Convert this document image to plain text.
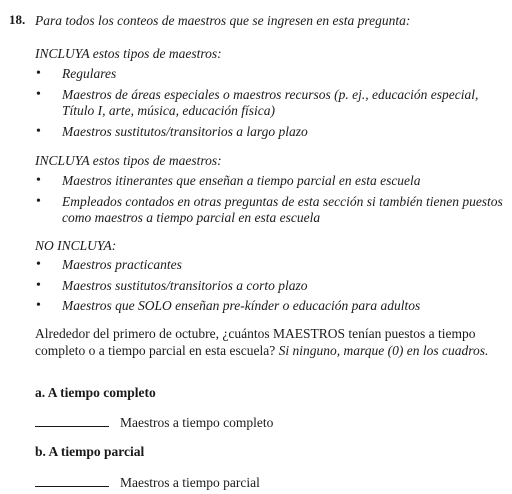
18. Para todos los conteos de maestros que se ingresen en esta pregunta:
INCLUYA estos tipos de maestros:
• Regulares
• Maestros de áreas especiales o maestros recursos (p. ej., educación especial, Título I, arte, música, educación física)
• Maestros sustitutos/transitorios a largo plazo
INCLUYA estos tipos de maestros:
• Maestros itinerantes que enseñan a tiempo parcial en esta escuela
• Empleados contados en otras preguntas de esta sección si también tienen puestos como maestros a tiempo parcial en esta escuela
NO INCLUYA:
• Maestros practicantes
• Maestros sustitutos/transitorios a corto plazo
• Maestros que SOLO enseñan pre-kínder o educación para adultos
Alrededor del primero de octubre, ¿cuántos MAESTROS tenían puestos a tiempo completo o a tiempo parcial en esta escuela? Si ninguno, marque (0) en los cuadros.
a. A tiempo completo
Maestros a tiempo completo
b. A tiempo parcial
Maestros a tiempo parcial
